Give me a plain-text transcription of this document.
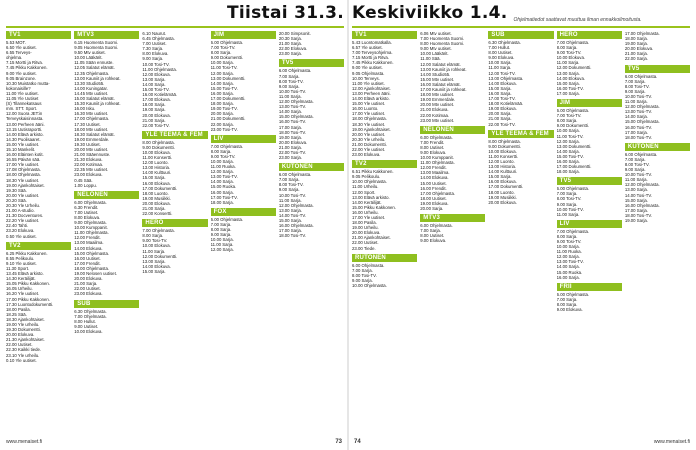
Tiistai 31.3.
TV1
5.53 MOT.
6.50 Yle uutiset.
6.55 Terveys-
ohjelma.
7.15 Mortti ja Ritva.
7.45 Pikku Kakkonen.
9.00 Yle uutiset.
9.05 Brainzone.
10.30 Muistatko mutta-
kokonaisille?
11.00 Yle uutiset.
11.05 Yle Uutiset
(S) Tilannekatsaus
mm. STT. Sport.
12.00 Suora JET:in
Terveyskaisinnasta.
13.00 Perheen ääni.
13.15 Uutisraportti.
14.00 Elävä arkisto.
14.30 Puolisaaret.
15.00 Yle uutiset.
15.10 Mankelit.
16.00 Eläinten kotit.
16.55 Päivän sää.
17.00 Yle uutiset.
17.08 Ohjelmasta.
18.00 Ohjelmasta.
18.30 Yle uutiset.
19.00 Ajankohtaiset.
19.30 Sää.
20.00 Yle uutiset.
20.20 Sää.
20.30 Yle Urheilu.
21.00 A-studio.
21.30 Docventures.
22.20 Yle uutiset.
22.40 Tahti.
23.20 Elokuva.
0.50 Yle uutiset.
TV2
6.25 Pikku Kakkonen.
8.55 Pelikoulu.
9.10 Yle uutiset.
11.30 Sport.
13.45 Elävä arkisto.
14.30 Keräilijät.
15.05 Pikku Kakkonen.
16.05 Urheilu.
16.20 Yle uutiset.
17.00 Pikku Kakkonen.
17.30 Luontodokumentti.
18.00 Pasila.
18.25 Sää.
18.30 Ajankohtaiset.
19.00 Yle urheilu.
19.30 Dokumentti.
20.00 Elokuva.
21.30 Ajankohtaiset.
22.00 Uutiset.
22.30 Kaikki tiede.
23.10 Yle urheilu.
0.10 Yle uutiset.
MTV3
6.15 Huomenta Suomi.
9.05 Huomenta Suomi.
9.50 Mtv uutiset.
10.00 Lääkärit.
11.05 Sään ennuste.
12.05 Salatut elämät.
12.35 Ohjelmasta.
13.00 Kauniit ja rohkeat.
13.30 Studio55.
14.00 Kuningatar.
14.45 Mtv uutiset.
15.00 Salatut elämät.
15.30 Kauniit ja rohkeat.
16.00 Isku.
16.30 Mtv uutiset.
17.00 Ohjelmasta.
17.30 Uutiset.
18.00 Mtv uutiset.
18.30 Salatut elämät.
19.00 Emmerdale.
19.30 Uutiset.
20.00 Mtv uutiset.
21.00 Sääennuste.
21.30 Elokuva.
22.00 Kotimaa.
22.35 Mtv uutiset.
23.00 Elokuva.
0.45 Sää.
1.00 Loppu.
NELONEN
6.00 Ohjelmasta.
6.30 Frendit.
7.00 Uutiset.
8.00 Elokuva.
9.00 Ohjelmasta.
10.00 Kumppanit.
11.00 Ohjelmasta.
12.00 Frendit.
13.00 Maailma.
14.00 Elokuva.
15.00 Ohjelmasta.
16.00 Uutiset.
17.00 Frendit.
18.00 Ohjelmasta.
19.00 Nelosen uutiset.
20.00 Elokuva.
21.00 Sarja.
22.00 Uutiset.
23.00 Elokuva.
SUB
6.30 Ohjelmasta.
7.00 Ohjelmasta.
8.00 Hullut.
9.00 Uutiset.
10.00 Elokuva.
6.10 Naurut.
6.45 Ohjelmasta.
7.00 Uutiset.
7.30 Sarja.
8.00 Elokuva.
9.00 Sarja.
10.00 Tosi-TV.
11.00 Ohjelmasta.
12.00 Elokuva.
13.00 Sarja.
14.00 Sarja.
15.00 Tosi-TV.
16.00 Kotielämää.
17.00 Elokuva.
18.00 Sarja.
19.00 Sarja.
20.00 Elokuva.
21.00 Sarja.
22.00 Tosi-TV.
YLE TEEMA & FEM
8.00 Ohjelmasta.
9.00 Dokumentti.
10.00 Elokuva.
11.00 Konsertti.
12.00 Luonto.
13.00 Historia.
14.00 Kulttuuri.
15.00 Sarja.
16.00 Elokuva.
17.00 Dokumentti.
18.00 Luonto.
19.00 Musiikki.
20.00 Elokuva.
21.00 Sarja.
22.00 Konsertti.
HERO
7.00 Ohjelmasta.
8.00 Sarja.
9.00 Tosi-TV.
10.00 Elokuva.
11.00 Sarja.
12.00 Dokumentti.
13.00 Sarja.
14.00 Elokuva.
15.00 Sarja.
JIM
6.00 Ohjelmasta.
7.00 Tosi-TV.
8.00 Sarja.
9.00 Dokumentti.
10.00 Sarja.
11.00 Tosi-TV.
12.00 Sarja.
13.00 Dokumentti.
14.00 Sarja.
15.00 Tosi-TV.
16.00 Sarja.
17.00 Dokumentti.
18.00 Sarja.
19.00 Tosi-TV.
20.00 Sarja.
21.00 Dokumentti.
22.00 Sarja.
23.00 Tosi-TV.
LIV
7.00 Ohjelmasta.
8.00 Sarja.
9.00 Tosi-TV.
10.00 Sarja.
11.00 Ruoka.
12.00 Sarja.
13.00 Tosi-TV.
14.00 Sarja.
15.00 Ruoka.
16.00 Sarja.
17.00 Tosi-TV.
18.00 Sarja.
FOX
6.00 Ohjelmasta.
7.00 Sarja.
8.00 Sarja.
9.00 Sarja.
10.00 Sarja.
11.00 Sarja.
12.00 Sarja.
20.00 Simpsonit.
20.30 Sarja.
21.00 Sarja.
22.00 Elokuva.
23.00 Sarja.
TV5
6.00 Ohjelmasta.
7.00 Sarja.
8.00 Tosi-TV.
9.00 Sarja.
10.00 Tosi-TV.
11.00 Sarja.
12.00 Ohjelmasta.
13.00 Tosi-TV.
14.00 Sarja.
15.00 Ohjelmasta.
16.00 Tosi-TV.
17.00 Sarja.
18.00 Tosi-TV.
19.00 Sarja.
20.00 Elokuva.
21.00 Sarja.
22.00 Tosi-TV.
23.00 Sarja.
KUTONEN
6.00 Ohjelmasta.
7.00 Sarja.
8.00 Tosi-TV.
9.00 Sarja.
10.00 Tosi-TV.
11.00 Sarja.
12.00 Ohjelmasta.
13.00 Sarja.
14.00 Tosi-TV.
15.00 Sarja.
16.00 Ohjelmasta.
17.00 Sarja.
18.00 Tosi-TV.
www.menaiset.fi	73
Keskiviikko 1.4. Ohjelmatiedot saattavat muuttua ilman ennakkoilmoitusta.
TV1
5.43 Luontomatkalla.
6.57 Yle uutiset.
7.00 Terveysohjelma.
7.15 Mortti ja Ritva.
7.45 Pikku Kakkonen.
9.00 Yle uutiset.
9.05 Ohjelmasta.
10.00 Terveys.
11.00 Yle uutiset.
12.00 Ajankohtaiset.
13.00 Perheen ääni.
14.00 Elävä arkisto.
15.00 Yle uutiset.
16.00 Luonto.
17.00 Yle uutiset.
18.00 Ohjelmasta.
18.30 Yle uutiset.
19.00 Ajankohtaiset.
20.00 Yle uutiset.
20.30 Yle urheilu.
21.00 Dokumentti.
22.00 Yle uutiset.
23.00 Elokuva.
TV2
6.51 Pikku Kakkonen.
9.05 Pelikoulu.
10.00 Ohjelmasta.
11.00 Urheilu.
12.00 Sport.
13.00 Elävä arkisto.
14.00 Keräilijät.
15.00 Pikku Kakkonen.
16.00 Urheilu.
17.00 Yle uutiset.
18.00 Pasila.
19.00 Urheilu.
20.00 Elokuva.
21.00 Ajankohtaiset.
22.00 Uutiset.
23.00 Tiede.
RUTONEN
6.00 Ohjelmasta.
7.00 Sarja.
8.00 Tosi-TV.
9.00 Sarja.
10.00 Ohjelmasta.
6.06 Mtv uutiset.
7.00 Huomenta Suomi.
8.00 Huomenta Suomi.
9.00 Mtv uutiset.
10.00 Lääkärit.
11.00 Sää.
12.00 Salatut elämät.
13.00 Kauniit ja rohkeat.
14.00 Studio55.
15.00 Mtv uutiset.
16.00 Salatut elämät.
17.00 Kauniit ja rohkeat.
18.00 Mtv uutiset.
19.00 Emmerdale.
20.00 Mtv uutiset.
21.00 Elokuva.
22.00 Kotimaa.
23.00 Mtv uutiset.
NELONEN
6.00 Ohjelmasta.
7.00 Frendit.
8.00 Uutiset.
9.00 Elokuva.
10.00 Kumppanit.
11.00 Ohjelmasta.
12.00 Frendit.
13.00 Maailma.
14.00 Elokuva.
15.00 Uutiset.
16.00 Frendit.
17.00 Ohjelmasta.
18.00 Uutiset.
19.00 Elokuva.
20.00 Sarja.
MTV3
6.00 Ohjelmasta.
7.00 Sarja.
8.00 Uutiset.
9.00 Elokuva.
SUB
6.30 Ohjelmasta.
7.00 Hullut.
8.00 Uutiset.
9.00 Elokuva.
10.00 Sarja.
11.00 Sarja.
12.00 Tosi-TV.
13.00 Ohjelmasta.
14.00 Elokuva.
15.00 Sarja.
16.00 Sarja.
17.00 Tosi-TV.
18.00 Kotielämää.
19.00 Elokuva.
20.00 Sarja.
21.00 Sarja.
22.00 Tosi-TV.
YLE TEEMA & FEM
8.00 Ohjelmasta.
9.00 Dokumentti.
10.00 Elokuva.
11.00 Konsertti.
12.00 Luonto.
13.00 Historia.
14.00 Kulttuuri.
15.00 Sarja.
16.00 Elokuva.
17.00 Dokumentti.
18.00 Luonto.
19.00 Musiikki.
20.00 Elokuva.
HERO
7.00 Ohjelmasta.
8.00 Sarja.
9.00 Tosi-TV.
10.00 Elokuva.
11.00 Sarja.
12.00 Dokumentti.
13.00 Sarja.
14.00 Elokuva.
15.00 Sarja.
16.00 Tosi-TV.
17.00 Sarja.
JIM
6.00 Ohjelmasta.
7.00 Tosi-TV.
8.00 Sarja.
9.00 Dokumentti.
10.00 Sarja.
11.00 Tosi-TV.
12.00 Sarja.
13.00 Dokumentti.
14.00 Sarja.
15.00 Tosi-TV.
16.00 Sarja.
17.00 Dokumentti.
18.00 Sarja.
TV5
6.00 Ohjelmasta.
7.00 Sarja.
8.00 Tosi-TV.
9.00 Sarja.
10.00 Tosi-TV.
11.00 Sarja.
LIV
7.00 Ohjelmasta.
8.00 Sarja.
9.00 Tosi-TV.
10.00 Sarja.
11.00 Ruoka.
12.00 Sarja.
13.00 Tosi-TV.
14.00 Sarja.
15.00 Ruoka.
16.00 Sarja.
FRII
6.00 Ohjelmasta.
7.00 Sarja.
8.00 Sarja.
9.00 Elokuva.
17.00 Ohjelmasta.
18.00 Sarja.
19.00 Sarja.
20.00 Elokuva.
21.00 Sarja.
22.00 Sarja.
TV5
6.00 Ohjelmasta.
7.00 Sarja.
8.00 Tosi-TV.
9.00 Sarja.
10.00 Tosi-TV.
11.00 Sarja.
12.00 Ohjelmasta.
13.00 Tosi-TV.
14.00 Sarja.
15.00 Ohjelmasta.
16.00 Tosi-TV.
17.00 Sarja.
18.00 Tosi-TV.
KUTONEN
6.00 Ohjelmasta.
7.00 Sarja.
8.00 Tosi-TV.
9.00 Sarja.
10.00 Tosi-TV.
11.00 Sarja.
12.00 Ohjelmasta.
13.00 Sarja.
14.00 Tosi-TV.
15.00 Sarja.
16.00 Ohjelmasta.
17.00 Sarja.
18.00 Tosi-TV.
19.00 Sarja.
74	www.menaiset.fi
